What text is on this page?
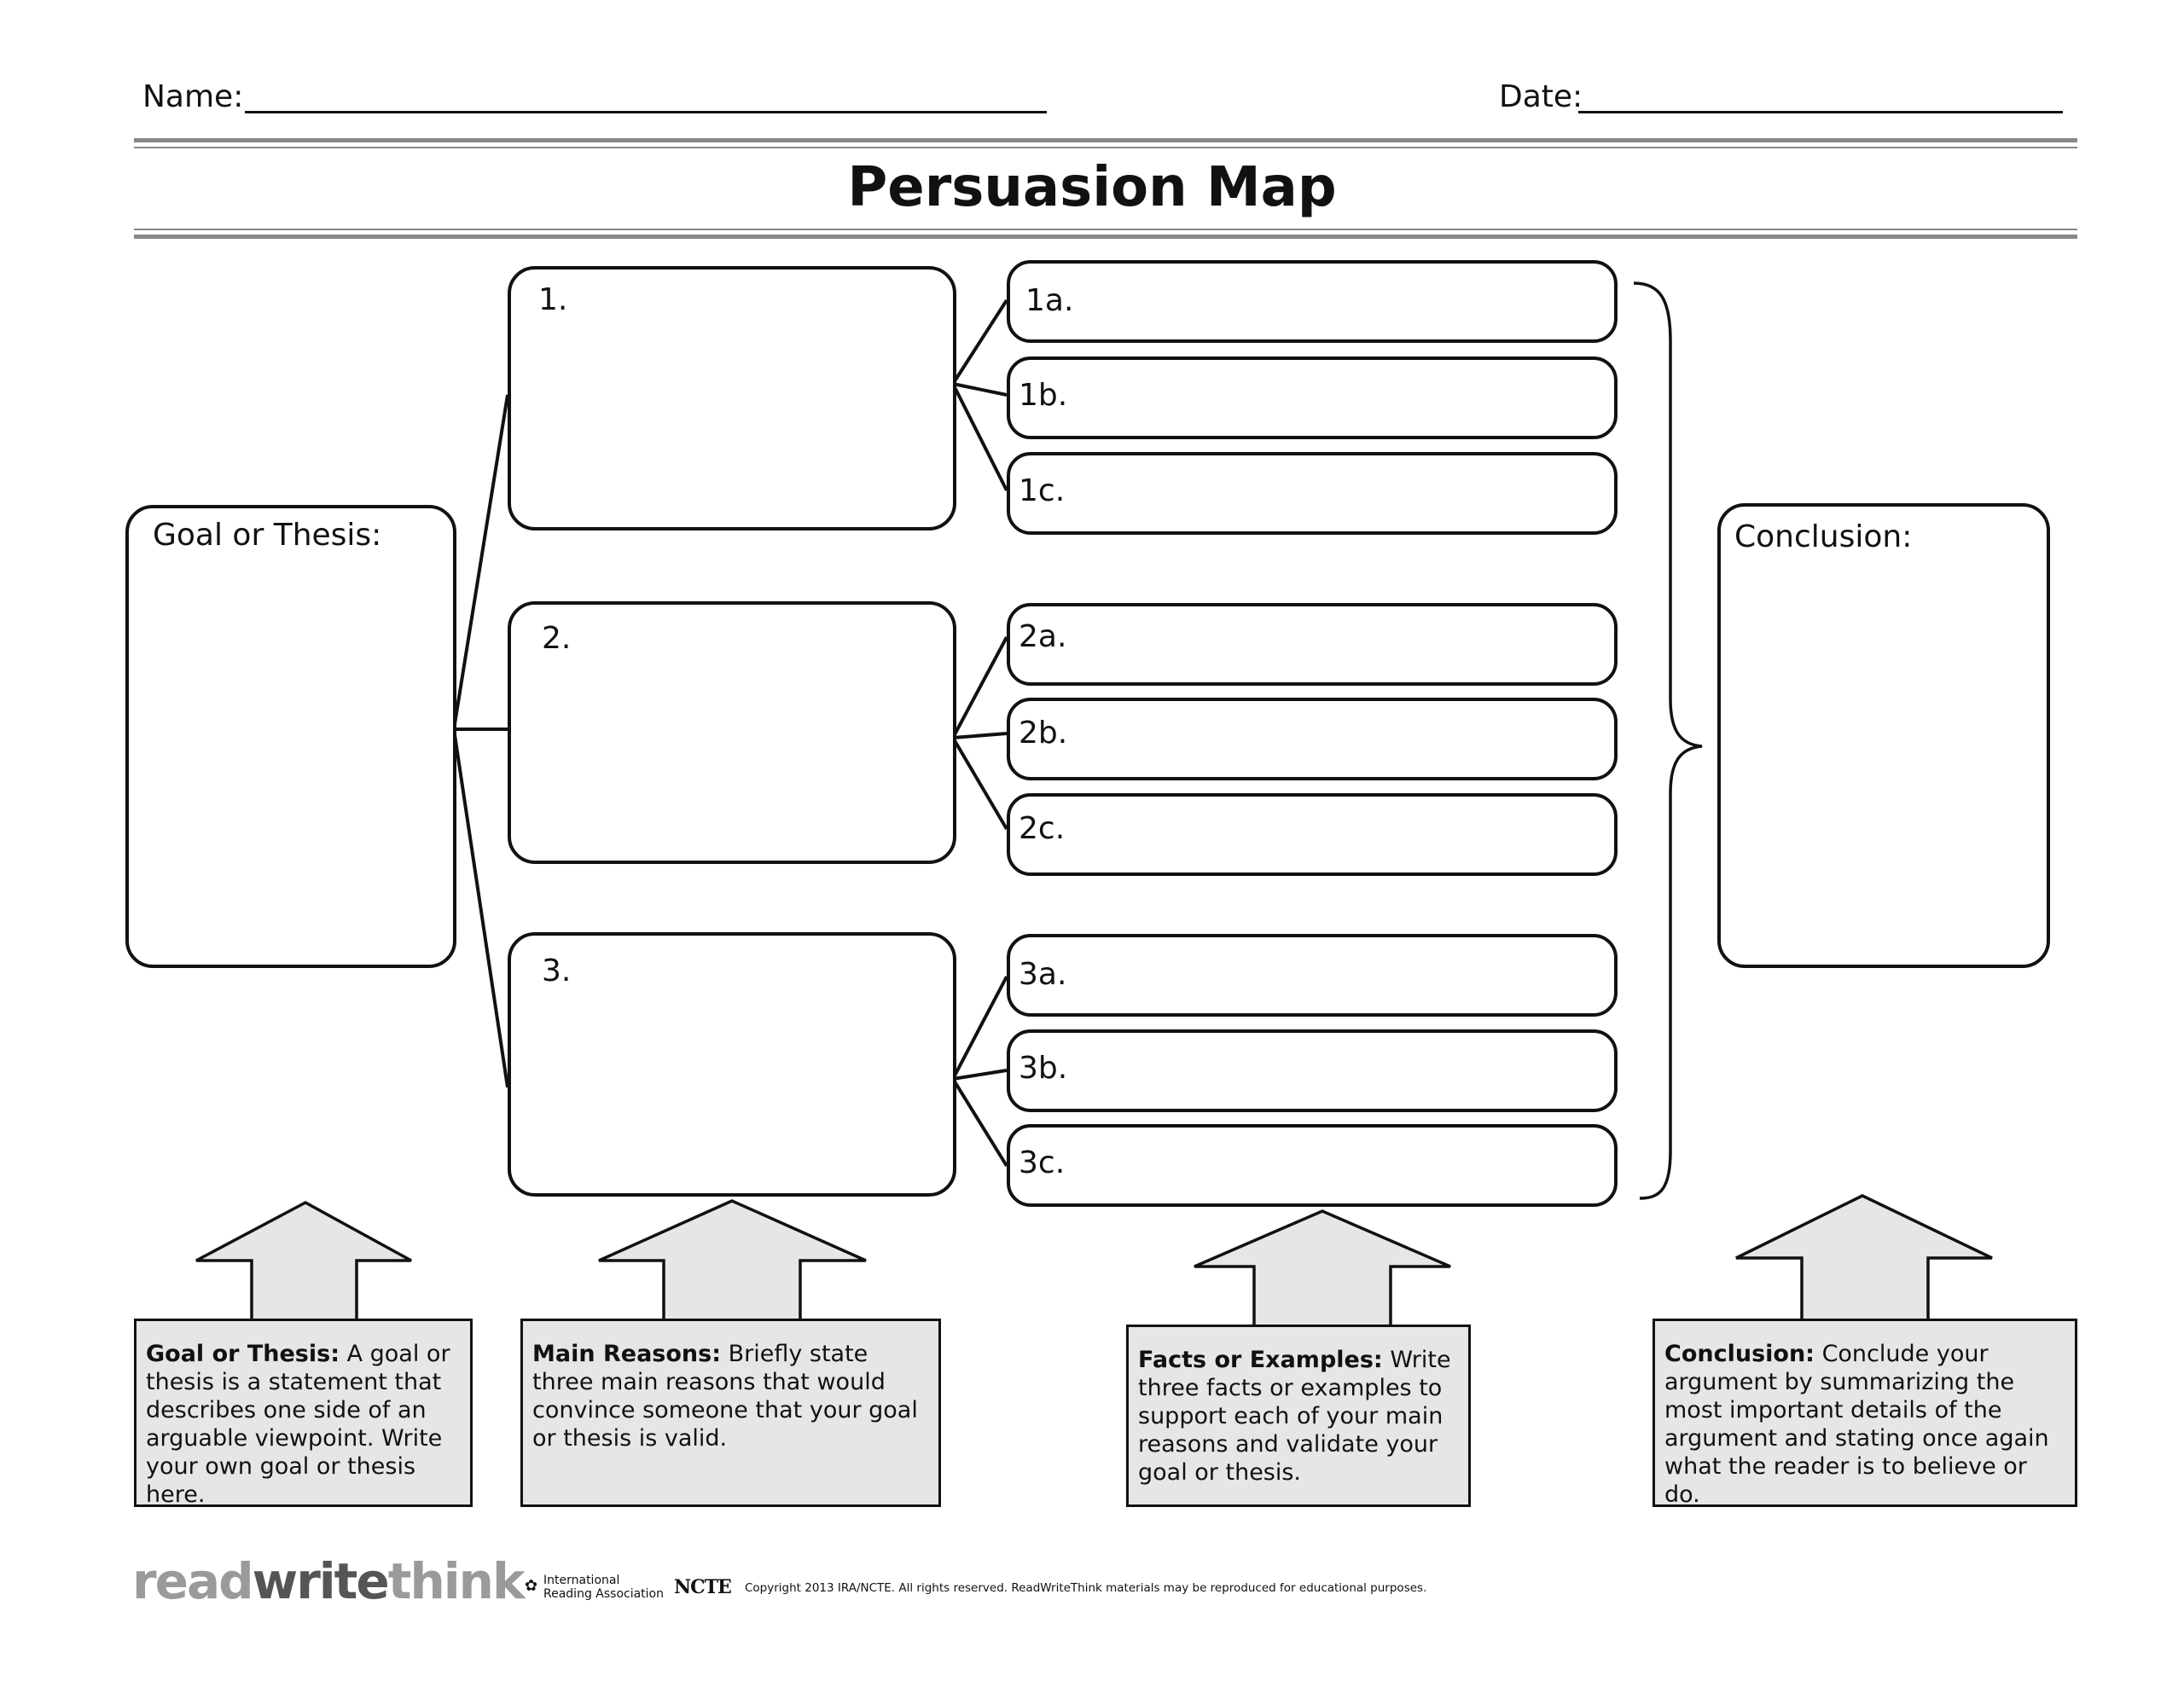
Name:	Date:
Persuasion Map
Goal or Thesis:
1.
2.
3.
1a.
1b.
1c.
2a.
2b.
2c.
3a.
3b.
3c.
Conclusion:
Goal or Thesis: A goal or thesis is a statement that describes one side of an arguable viewpoint. Write your own goal or thesis here.
Main Reasons: Briefly state three main reasons that would convince someone that your goal or thesis is valid.
Facts or Examples: Write three facts or examples to support each of your main reasons and validate your goal or thesis.
Conclusion: Conclude your argument by summarizing the most important details of the argument and stating once again what the reader is to believe or do.
readwritethink ✿ International
Reading Association NCTE Copyright 2013 IRA/NCTE. All rights reserved. ReadWriteThink materials may be reproduced for educational purposes.
